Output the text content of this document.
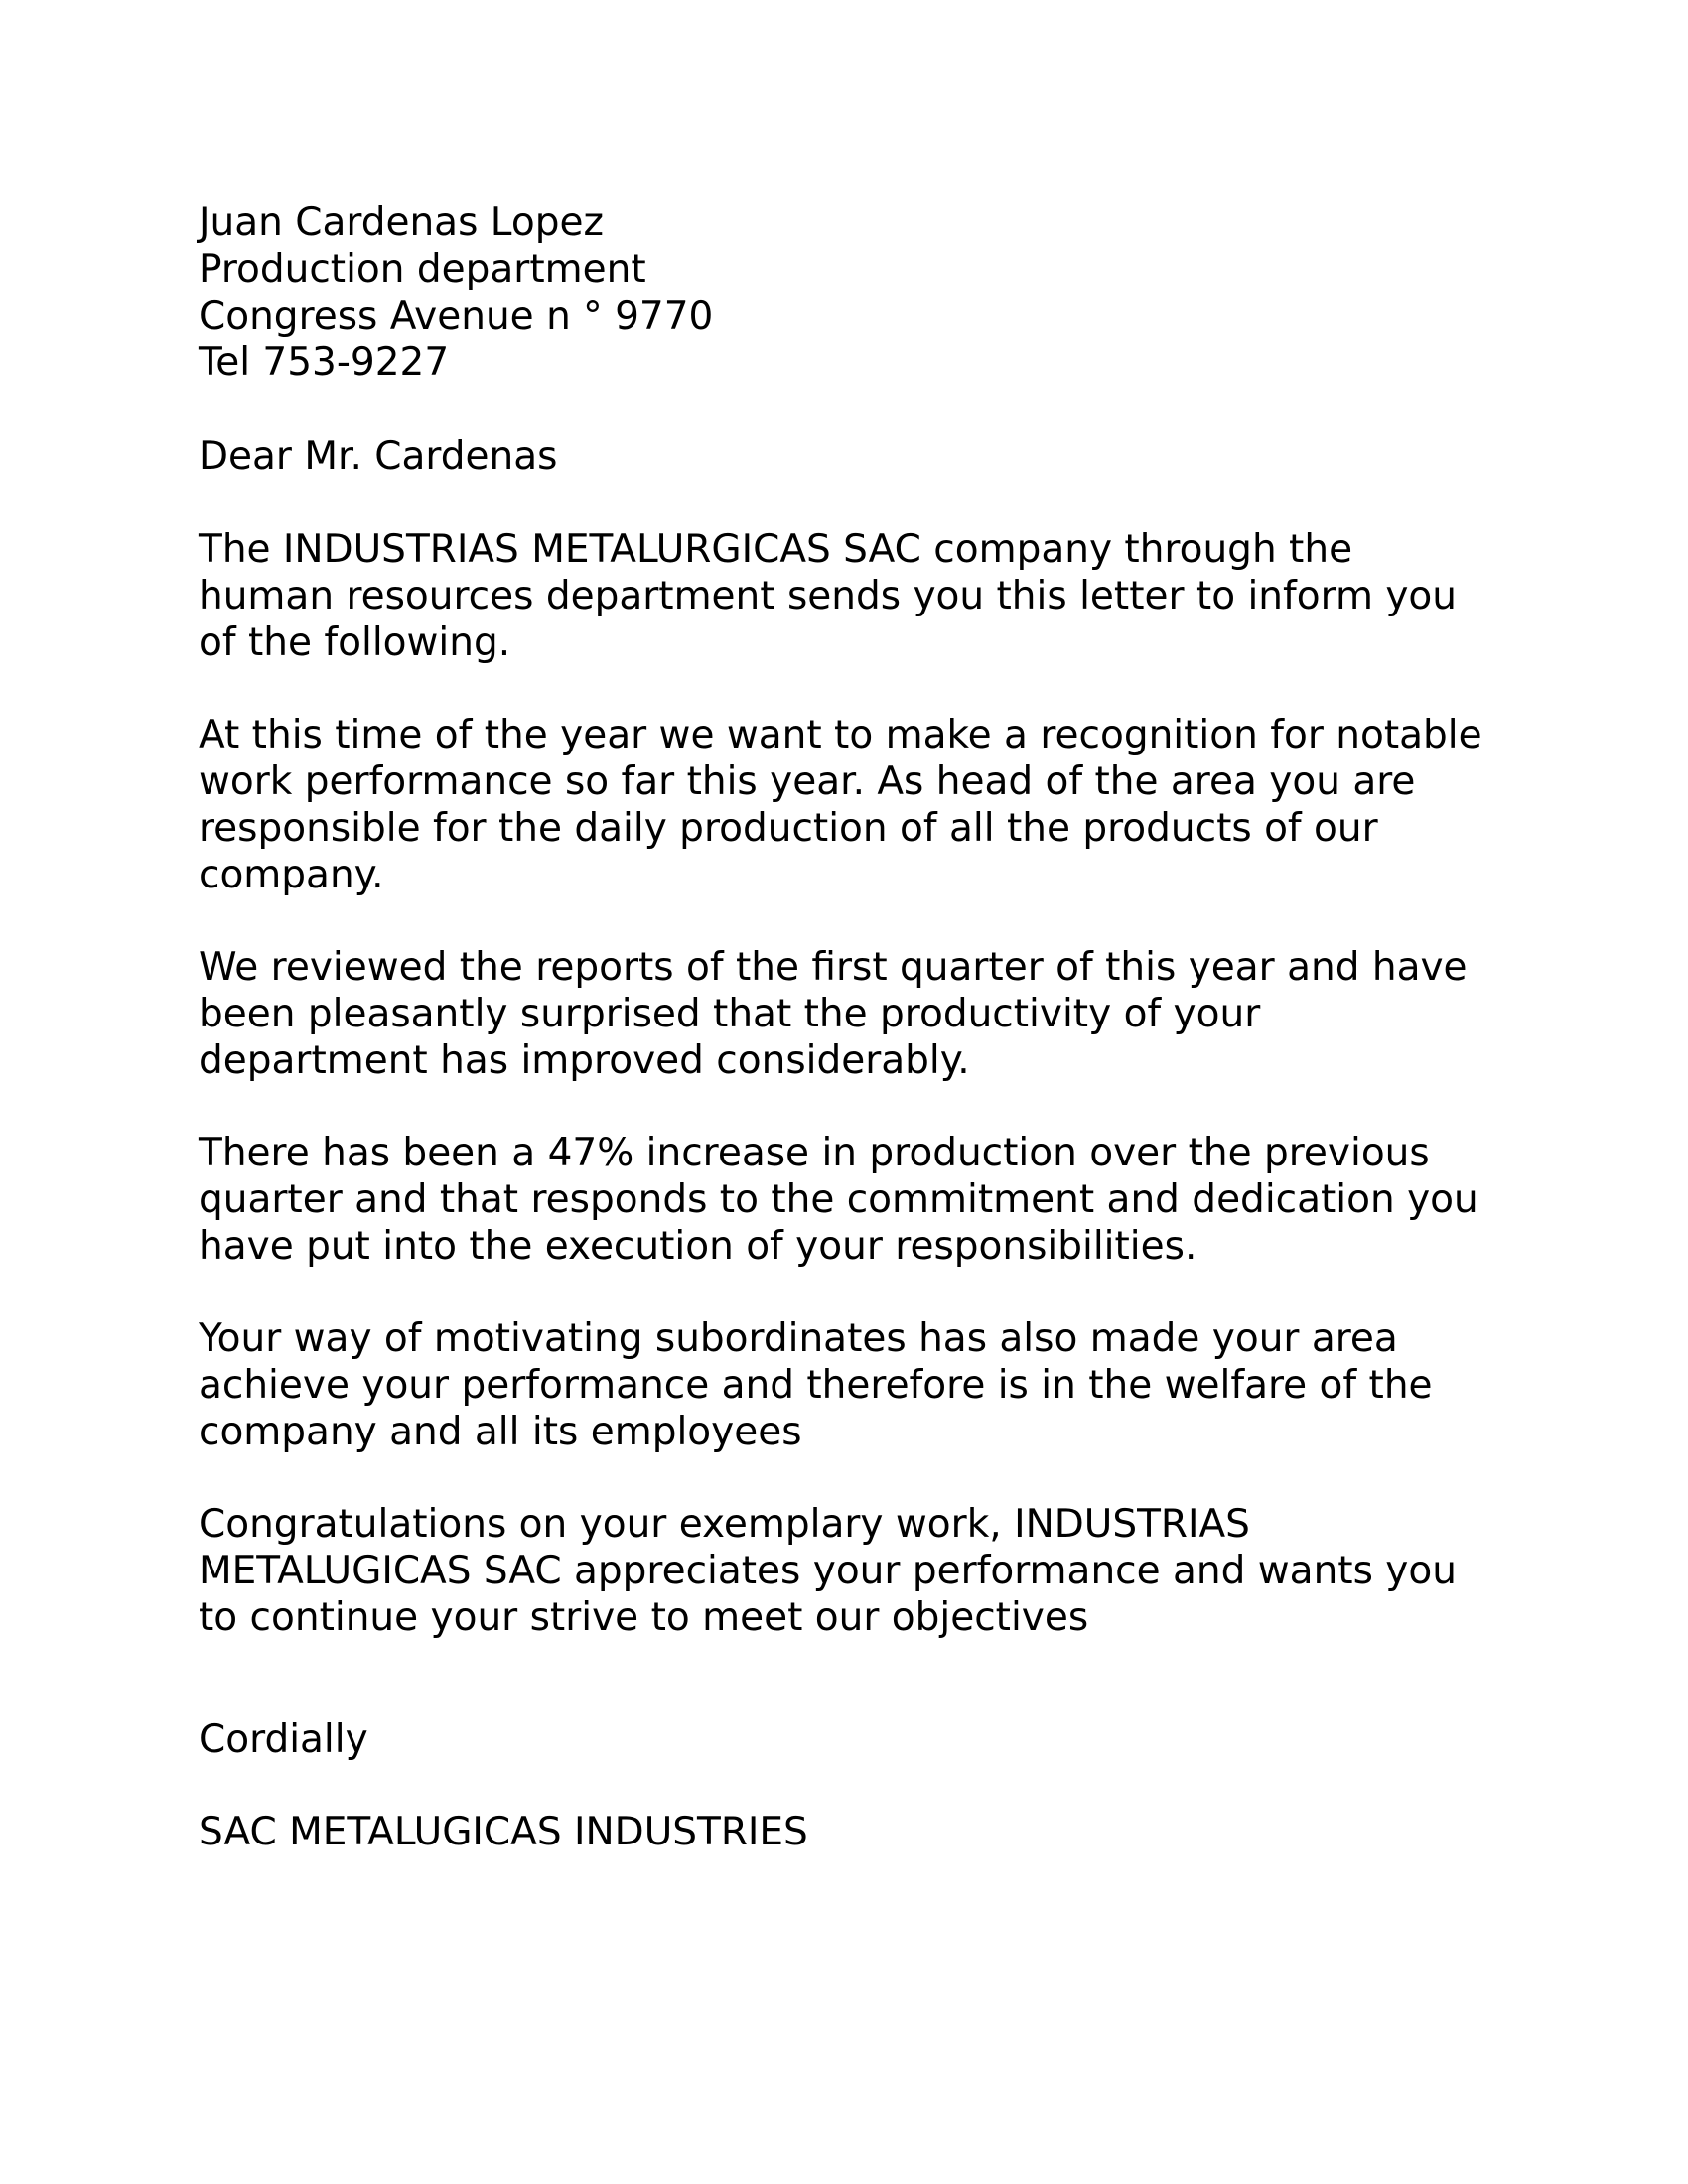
Juan Cardenas Lopez
Production department
Congress Avenue n ° 9770
Tel 753-9227
Dear Mr. Cardenas
The INDUSTRIAS METALURGICAS SAC company through the
human resources department sends you this letter to inform you
of the following.
At this time of the year we want to make a recognition for notable
work performance so far this year. As head of the area you are
responsible for the daily production of all the products of our
company.
We reviewed the reports of the first quarter of this year and have
been pleasantly surprised that the productivity of your
department has improved considerably.
There has been a 47% increase in production over the previous
quarter and that responds to the commitment and dedication you
have put into the execution of your responsibilities.
Your way of motivating subordinates has also made your area
achieve your performance and therefore is in the welfare of the
company and all its employees
Congratulations on your exemplary work, INDUSTRIAS
METALUGICAS SAC appreciates your performance and wants you
to continue your strive to meet our objectives
Cordially
SAC METALUGICAS INDUSTRIES
